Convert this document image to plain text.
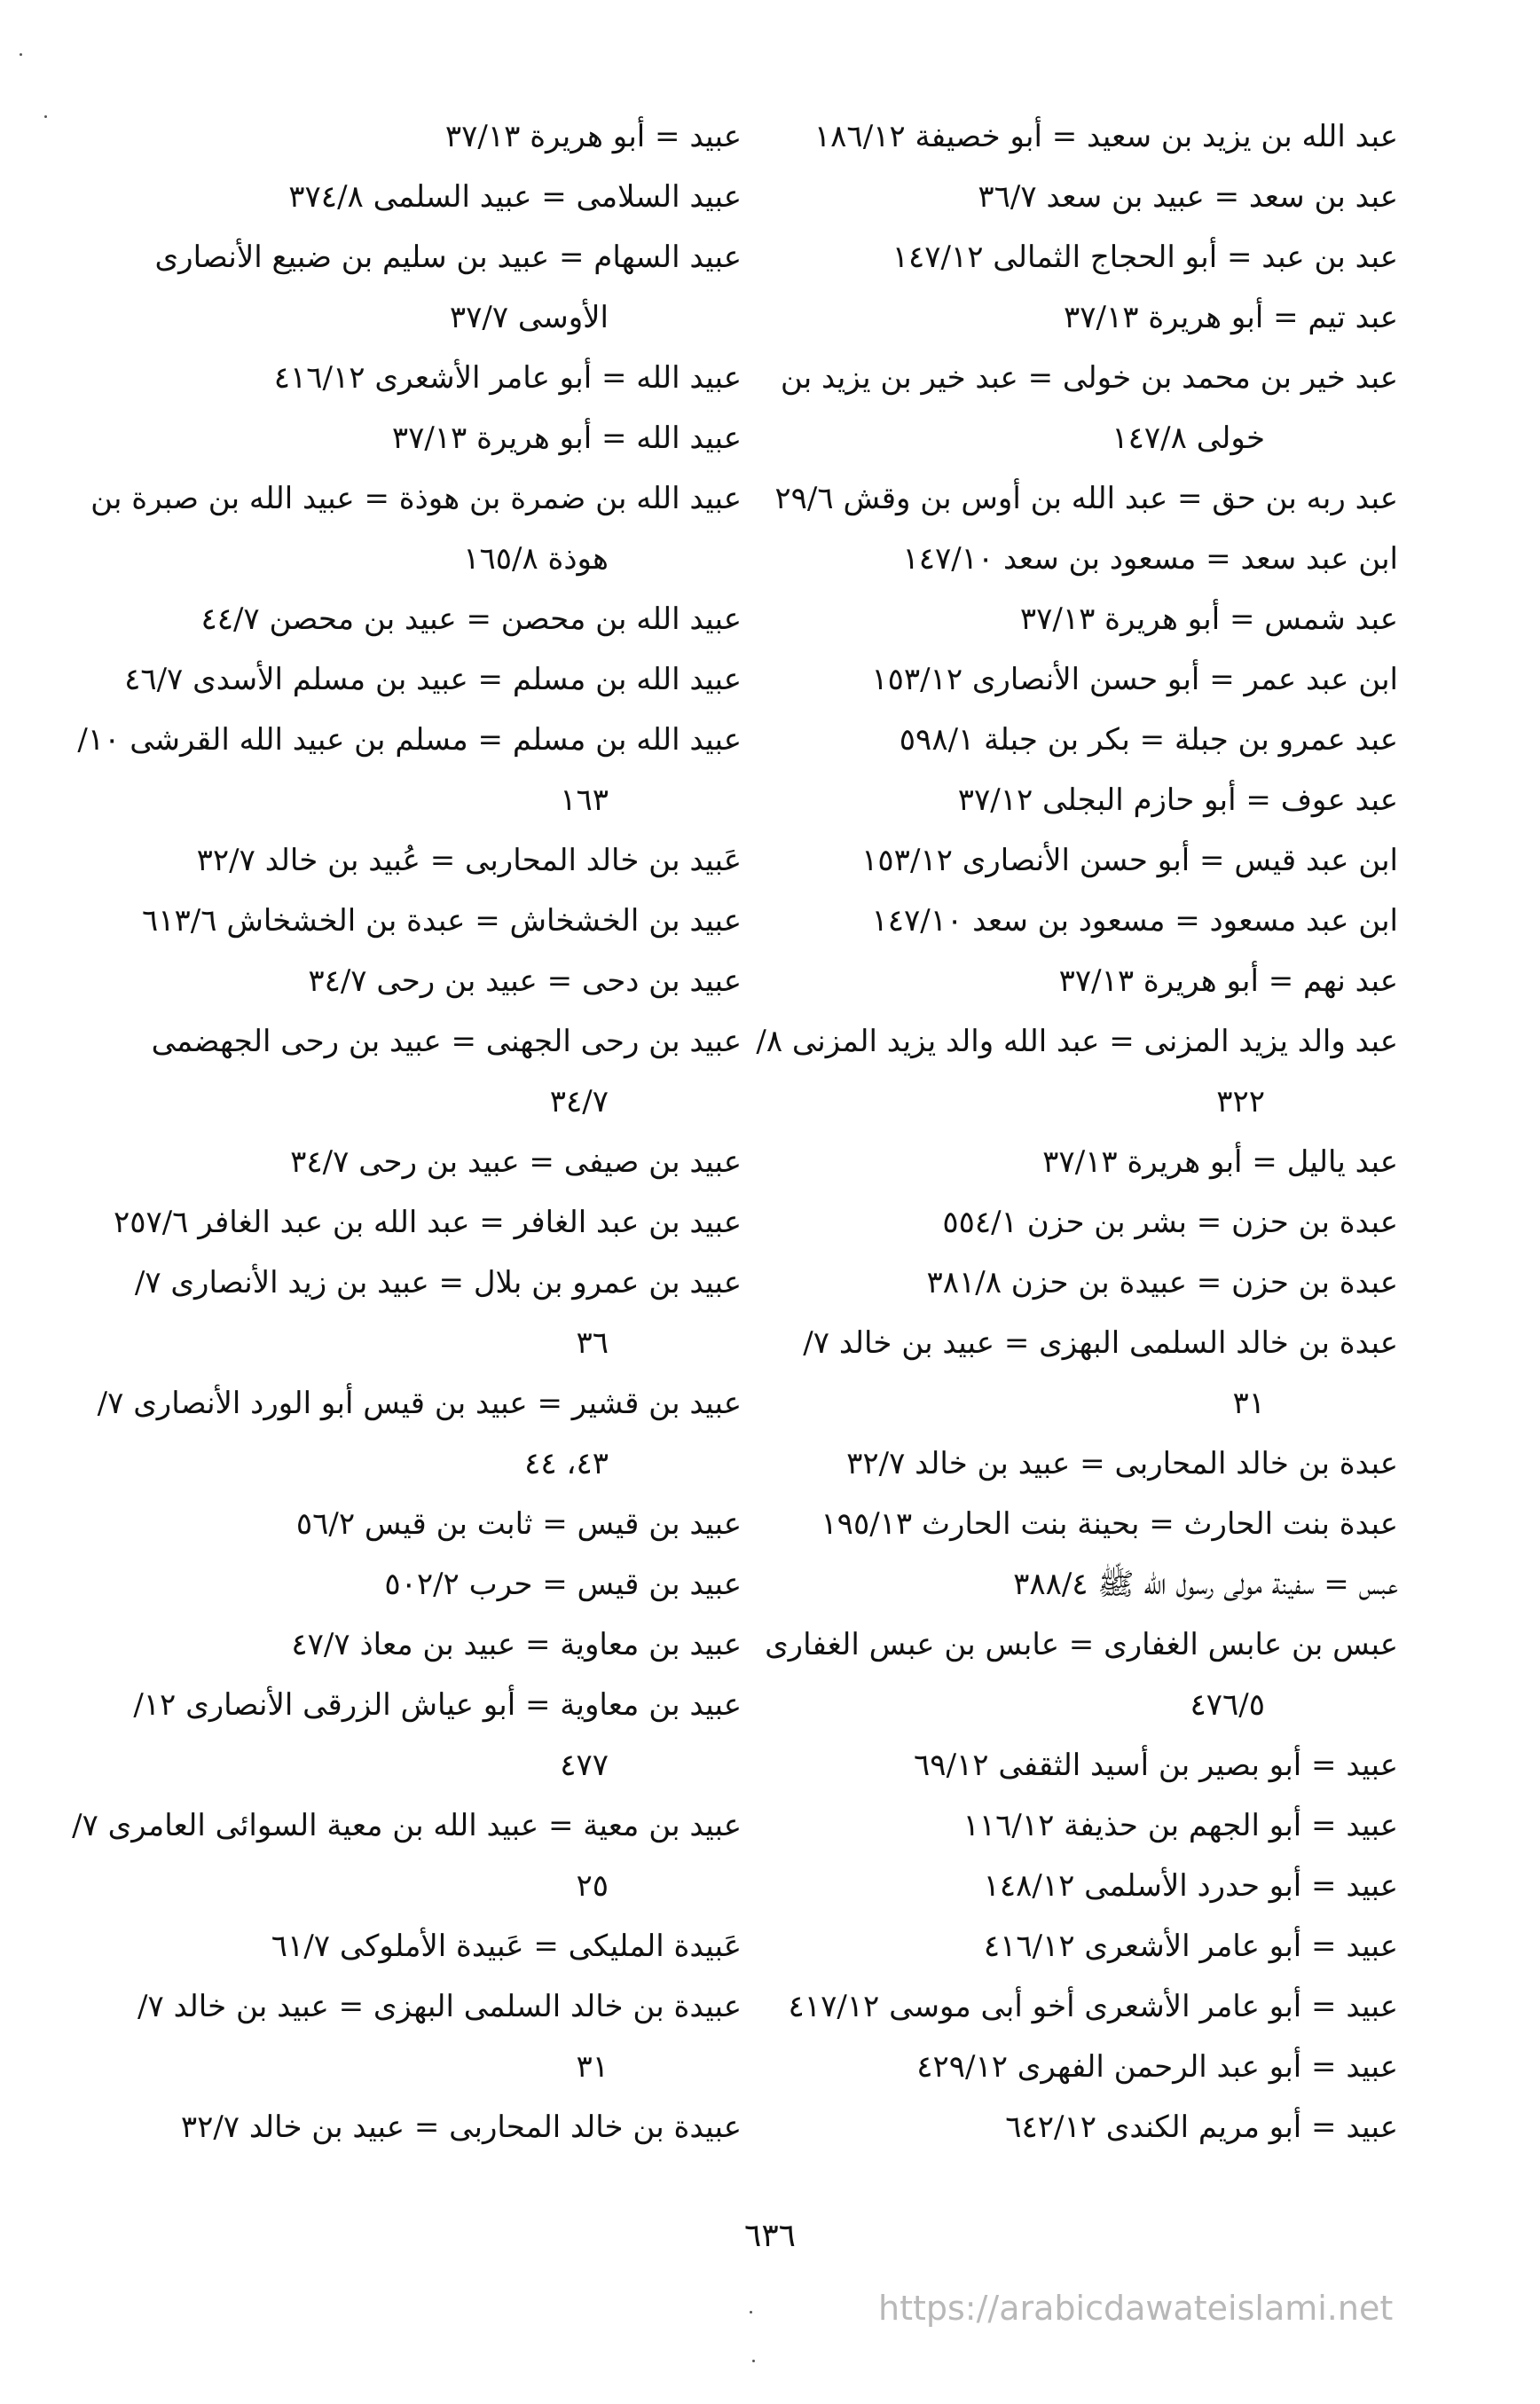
عبد الله بن يزيد بن سعيد = أبو خصيفة ١٨٦/١٢

عبد بن سعد = عبيد بن سعد ٣٦/٧

عبد بن عبد = أبو الحجاج الثمالى ١٤٧/١٢

عبد تيم = أبو هريرة ٣٧/١٣

عبد خير بن محمد بن خولى = عبد خير بن يزيد بن

خولى ١٤٧/٨

عبد ربه بن حق = عبد الله بن أوس بن وقش ٢٩/٦

ابن عبد سعد = مسعود بن سعد ١٤٧/١٠

عبد شمس = أبو هريرة ٣٧/١٣

ابن عبد عمر = أبو حسن الأنصارى ١٥٣/١٢

عبد عمرو بن جبلة = بكر بن جبلة ٥٩٨/١

عبد عوف = أبو حازم البجلى ٣٧/١٢

ابن عبد قيس = أبو حسن الأنصارى ١٥٣/١٢

ابن عبد مسعود = مسعود بن سعد ١٤٧/١٠

عبد نهم = أبو هريرة ٣٧/١٣

عبد والد يزيد المزنى = عبد الله والد يزيد المزنى ٨/

٣٢٢

عبد ياليل = أبو هريرة ٣٧/١٣

عبدة بن حزن = بشر بن حزن ٥٥٤/١

عبدة بن حزن = عبيدة بن حزن ٣٨١/٨

عبدة بن خالد السلمى البهزى = عبيد بن خالد ٧/

٣١

عبدة بن خالد المحاربى = عبيد بن خالد ٣٢/٧

عبدة بنت الحارث = بحينة بنت الحارث ١٩٥/١٣

عبس = سفينة مولى رسول الله ﷺ ٣٨٨/٤

عبس بن عابس الغفارى = عابس بن عبس الغفارى

٤٧٦/٥

عبيد = أبو بصير بن أسيد الثقفى ٦٩/١٢

عبيد = أبو الجهم بن حذيفة ١١٦/١٢

عبيد = أبو حدرد الأسلمى ١٤٨/١٢

عبيد = أبو عامر الأشعرى ٤١٦/١٢

عبيد = أبو عامر الأشعرى أخو أبى موسى ٤١٧/١٢

عبيد = أبو عبد الرحمن الفهرى ٤٢٩/١٢

عبيد = أبو مريم الكندى ٦٤٢/١٢

عبيد = أبو هريرة ٣٧/١٣

عبيد السلامى = عبيد السلمى ٣٧٤/٨

عبيد السهام = عبيد بن سليم بن ضبيع الأنصارى

الأوسى ٣٧/٧

عبيد الله = أبو عامر الأشعرى ٤١٦/١٢

عبيد الله = أبو هريرة ٣٧/١٣

عبيد الله بن ضمرة بن هوذة = عبيد الله بن صبرة بن

هوذة ١٦٥/٨

عبيد الله بن محصن = عبيد بن محصن ٤٤/٧

عبيد الله بن مسلم = عبيد بن مسلم الأسدى ٤٦/٧

عبيد الله بن مسلم = مسلم بن عبيد الله القرشى ١٠/

١٦٣

عَبيد بن خالد المحاربى = عُبيد بن خالد ٣٢/٧

عبيد بن الخشخاش = عبدة بن الخشخاش ٦١٣/٦

عبيد بن دحى = عبيد بن رحى ٣٤/٧

عبيد بن رحى الجهنى = عبيد بن رحى الجهضمى

٣٤/٧

عبيد بن صيفى = عبيد بن رحى ٣٤/٧

عبيد بن عبد الغافر = عبد الله بن عبد الغافر ٢٥٧/٦

عبيد بن عمرو بن بلال = عبيد بن زيد الأنصارى ٧/

٣٦

عبيد بن قشير = عبيد بن قيس أبو الورد الأنصارى ٧/

٤٣، ٤٤

عبيد بن قيس = ثابت بن قيس ٥٦/٢

عبيد بن قيس = حرب ٥٠٢/٢

عبيد بن معاوية = عبيد بن معاذ ٤٧/٧

عبيد بن معاوية = أبو عياش الزرقى الأنصارى ١٢/

٤٧٧

عبيد بن معية = عبيد الله بن معية السوائى العامرى ٧/

٢٥

عَبيدة المليكى = عَبيدة الأملوكى ٦١/٧

عبيدة بن خالد السلمى البهزى = عبيد بن خالد ٧/

٣١

عبيدة بن خالد المحاربى = عبيد بن خالد ٣٢/٧

٦٣٦
https://arabicdawateislami.net
